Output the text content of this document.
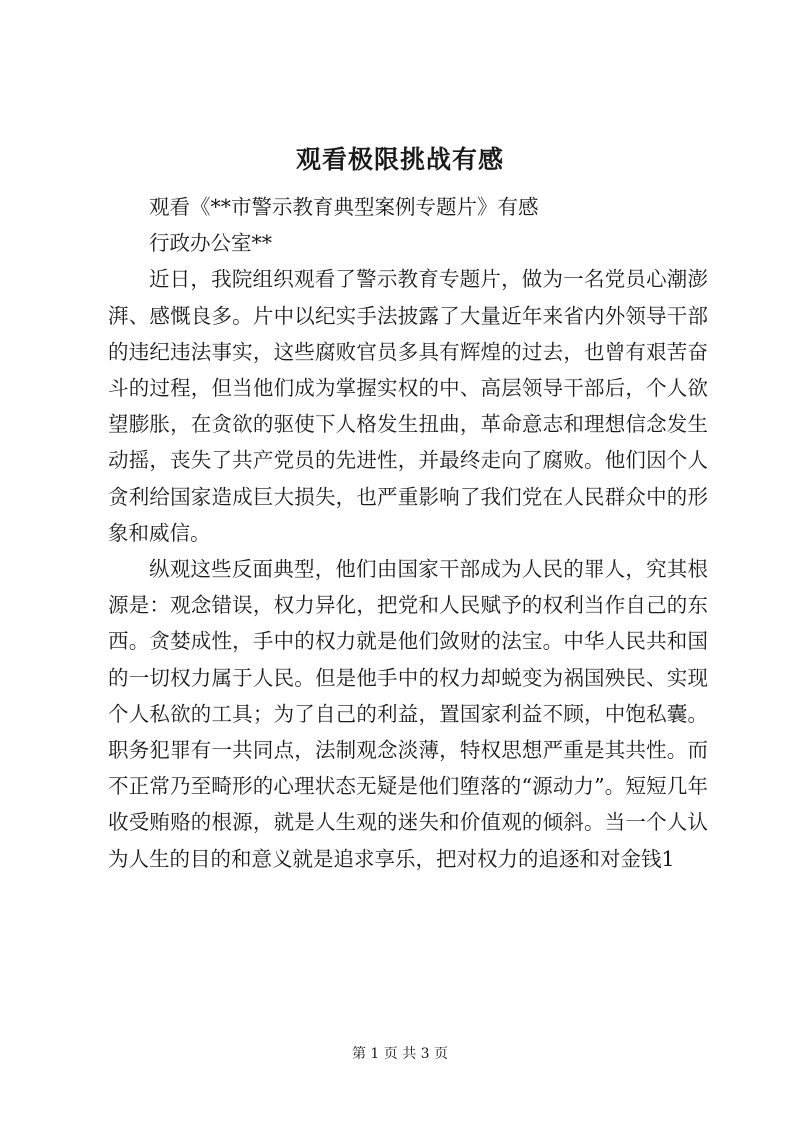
观看极限挑战有感

观看《**市警示教育典型案例专题片》有感

行政办公室**

近日，我院组织观看了警示教育专题片，做为一名党员心潮澎湃、感慨良多。片中以纪实手法披露了大量近年来省内外领导干部的违纪违法事实，这些腐败官员多具有辉煌的过去，也曾有艰苦奋斗的过程，但当他们成为掌握实权的中、高层领导干部后，个人欲望膨胀，在贪欲的驱使下人格发生扭曲，革命意志和理想信念发生动摇，丧失了共产党员的先进性，并最终走向了腐败。他们因个人贪利给国家造成巨大损失，也严重影响了我们党在人民群众中的形象和威信。

纵观这些反面典型，他们由国家干部成为人民的罪人，究其根源是：观念错误，权力异化，把党和人民赋予的权利当作自己的东西。贪婪成性，手中的权力就是他们敛财的法宝。中华人民共和国的一切权力属于人民。但是他手中的权力却蜕变为祸国殃民、实现个人私欲的工具；为了自己的利益，置国家利益不顾，中饱私囊。职务犯罪有一共同点，法制观念淡薄，特权思想严重是其共性。而不正常乃至畸形的心理状态无疑是他们堕落的“源动力”。短短几年收受贿赂的根源，就是人生观的迷失和价值观的倾斜。当一个人认为人生的目的和意义就是追求享乐，把对权力的追逐和对金钱1

第 1 页 共 3 页
